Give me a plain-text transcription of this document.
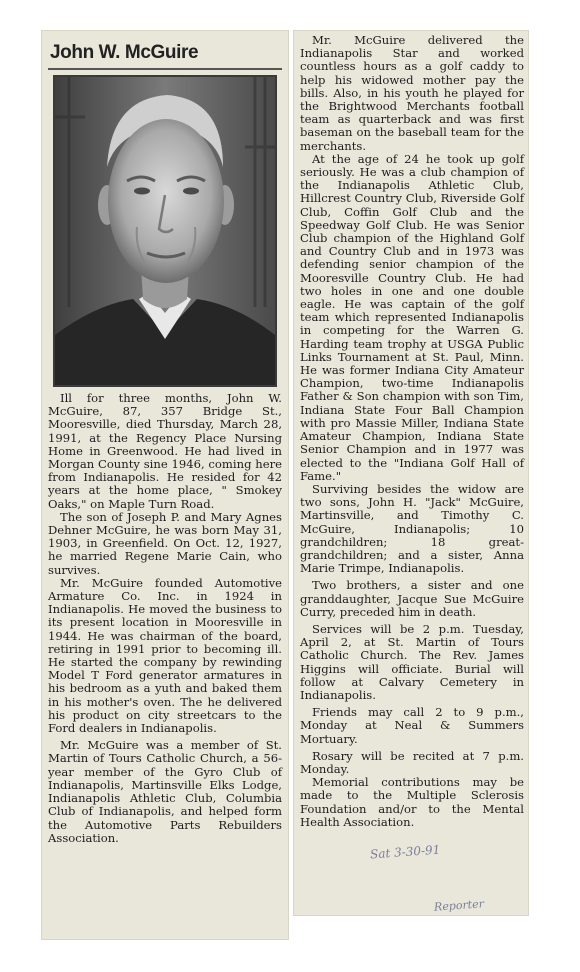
John W. McGuire

Ill for three months, John W. McGuire, 87, 357 Bridge St., Mooresville, died Thursday, March 28, 1991, at the Regency Place Nursing Home in Greenwood. He had lived in Morgan County sine 1946, coming here from Indianapolis. He resided for 42 years at the home place, " Smokey Oaks," on Maple Turn Road.

The son of Joseph P. and Mary Agnes Dehner McGuire, he was born May 31, 1903, in Greenfield. On Oct. 12, 1927, he married Regene Marie Cain, who survives.

Mr. McGuire founded Automotive Armature Co. Inc. in 1924 in Indianapolis. He moved the business to its present location in Mooresville in 1944. He was chairman of the board, retiring in 1991 prior to becoming ill. He started the company by rewinding Model T Ford generator armatures in his bedroom as a yuth and baked them in his mother's oven. The he delivered his product on city streetcars to the Ford dealers in Indianapolis.

Mr. McGuire was a member of St. Martin of Tours Catholic Church, a 56-year member of the Gyro Club of Indianapolis, Martinsville Elks Lodge, Indianapolis Athletic Club, Columbia Club of Indianapolis, and helped form the Automotive Parts Rebuilders Association.

Mr. McGuire delivered the Indianapolis Star and worked countless hours as a golf caddy to help his widowed mother pay the bills. Also, in his youth he played for the Brightwood Merchants football team as quarterback and was first baseman on the baseball team for the merchants.

At the age of 24 he took up golf seriously. He was a club champion of the Indianapolis Athletic Club, Hillcrest Country Club, Riverside Golf Club, Coffin Golf Club and the Speedway Golf Club. He was Senior Club champion of the Highland Golf and Country Club and in 1973 was defending senior champion of the Mooresville Country Club. He had two holes in one and one double eagle. He was captain of the golf team which represented Indianapolis in competing for the Warren G. Harding team trophy at USGA Public Links Tournament at St. Paul, Minn. He was former Indiana City Amateur Champion, two-time Indianapolis Father & Son champion with son Tim, Indiana State Four Ball Champion with pro Massie Miller, Indiana State Amateur Champion, Indiana State Senior Champion and in 1977 was elected to the "Indiana Golf Hall of Fame."

Surviving besides the widow are two sons, John H. "Jack" McGuire, Martinsville, and Timothy C. McGuire, Indianapolis; 10 grandchildren; 18 great-grandchildren; and a sister, Anna Marie Trimpe, Indianapolis.

Two brothers, a sister and one granddaughter, Jacque Sue McGuire Curry, preceded him in death.

Services will be 2 p.m. Tuesday, April 2, at St. Martin of Tours Catholic Church. The Rev. James Higgins will officiate. Burial will follow at Calvary Cemetery in Indianapolis.

Friends may call 2 to 9 p.m., Monday at Neal & Summers Mortuary.

Rosary will be recited at 7 p.m. Monday.

Memorial contributions may be made to the Multiple Sclerosis Foundation and/or to the Mental Health Association.

Sat 3-30-91
Reporter
